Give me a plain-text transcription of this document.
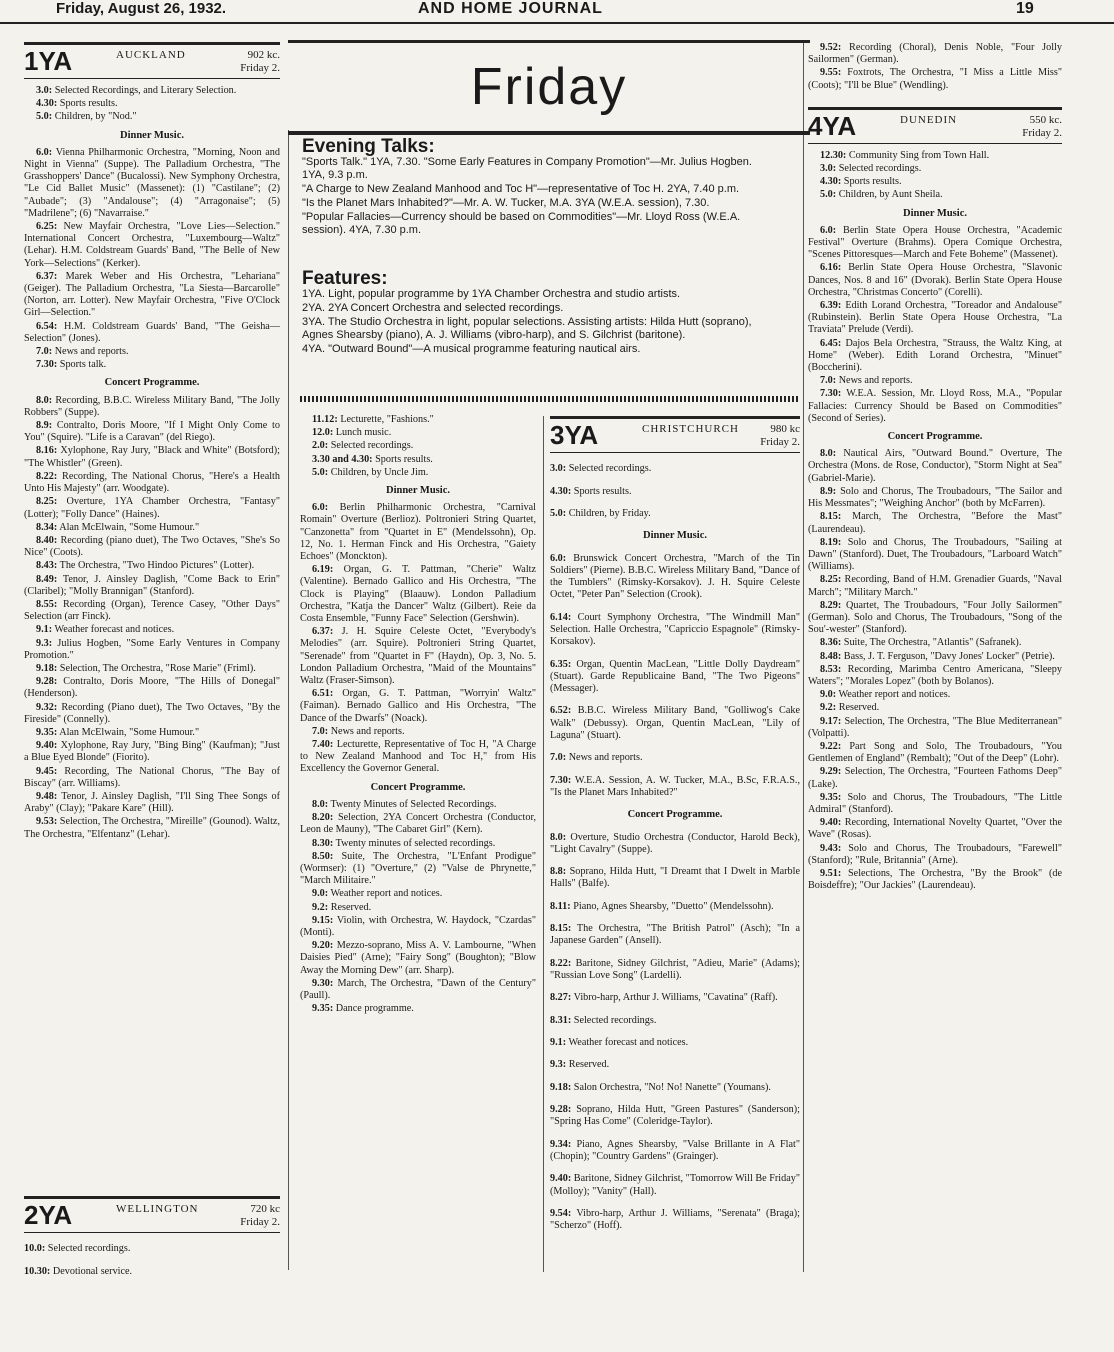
Friday, August 26, 1932.	AND HOME JOURNAL	19
1YA	AUCKLAND	902 kc.
Friday 2.

3.0: Selected Recordings, and Literary Selection.

4.30: Sports results.

5.0: Children, by "Nod."

Dinner Music.

6.0: Vienna Philharmonic Orchestra, "Morning, Noon and Night in Vienna" (Suppe). The Palladium Orchestra, "The Grasshoppers' Dance" (Bucalossi). New Symphony Orchestra, "Le Cid Ballet Music" (Massenet): (1) "Castilane"; (2) "Aubade"; (3) "Andalouse"; (4) "Arragonaise"; (5) "Madrilene"; (6) "Navarraise."

6.25: New Mayfair Orchestra, "Love Lies—Selection." International Concert Orchestra, "Luxembourg—Waltz" (Lehar). H.M. Coldstream Guards' Band, "The Belle of New York—Selections" (Kerker).

6.37: Marek Weber and His Orchestra, "Lehariana" (Geiger). The Palladium Orchestra, "La Siesta—Barcarolle" (Norton, arr. Lotter). New Mayfair Orchestra, "Five O'Clock Girl—Selection."

6.54: H.M. Coldstream Guards' Band, "The Geisha—Selection" (Jones).

7.0: News and reports.

7.30: Sports talk.

Concert Programme.

8.0: Recording, B.B.C. Wireless Military Band, "The Jolly Robbers" (Suppe).

8.9: Contralto, Doris Moore, "If I Might Only Come to You" (Squire). "Life is a Caravan" (del Riego).

8.16: Xylophone, Ray Jury, "Black and White" (Botsford); "The Whistler" (Green).

8.22: Recording, The National Chorus, "Here's a Health Unto His Majesty" (arr. Woodgate).

8.25: Overture, 1YA Chamber Orchestra, "Fantasy" (Lotter); "Folly Dance" (Haines).

8.34: Alan McElwain, "Some Humour."

8.40: Recording (piano duet), The Two Octaves, "She's So Nice" (Coots).

8.43: The Orchestra, "Two Hindoo Pictures" (Lotter).

8.49: Tenor, J. Ainsley Daglish, "Come Back to Erin" (Claribel); "Molly Brannigan" (Stanford).

8.55: Recording (Organ), Terence Casey, "Other Days" Selection (arr Finck).

9.1: Weather forecast and notices.

9.3: Julius Hogben, "Some Early Ventures in Company Promotion."

9.18: Selection, The Orchestra, "Rose Marie" (Friml).

9.28: Contralto, Doris Moore, "The Hills of Donegal" (Henderson).

9.32: Recording (Piano duet), The Two Octaves, "By the Fireside" (Connelly).

9.35: Alan McElwain, "Some Humour."

9.40: Xylophone, Ray Jury, "Bing Bing" (Kaufman); "Just a Blue Eyed Blonde" (Fiorito).

9.45: Recording, The National Chorus, "The Bay of Biscay" (arr. Williams).

9.48: Tenor, J. Ainsley Daglish, "I'll Sing Thee Songs of Araby" (Clay); "Pakare Kare" (Hill).

9.53: Selection, The Orchestra, "Mireille" (Gounod). Waltz, The Orchestra, "Elfentanz" (Lehar).

2YA	WELLINGTON	720 kc
Friday 2.

10.0: Selected recordings.

10.30: Devotional service.

Friday
Evening Talks:

"Sports Talk." 1YA, 7.30. "Some Early Features in Company Promotion"—Mr. Julius Hogben. 1YA, 9.3 p.m.

"A Charge to New Zealand Manhood and Toc H"—representative of Toc H. 2YA, 7.40 p.m.

"Is the Planet Mars Inhabited?"—Mr. A. W. Tucker, M.A. 3YA (W.E.A. session), 7.30.

"Popular Fallacies—Currency should be based on Commodities"—Mr. Lloyd Ross (W.E.A. session). 4YA, 7.30 p.m.

Features:

1YA. Light, popular programme by 1YA Chamber Orchestra and studio artists.

2YA. 2YA Concert Orchestra and selected recordings.

3YA. The Studio Orchestra in light, popular selections. Assisting artists: Hilda Hutt (soprano), Agnes Shearsby (piano), A. J. Williams (vibro-harp), and S. Gilchrist (baritone).

4YA. "Outward Bound"—A musical programme featuring nautical airs.

11.12: Lecturette, "Fashions."

12.0: Lunch music.

2.0: Selected recordings.

3.30 and 4.30: Sports results.

5.0: Children, by Uncle Jim.

Dinner Music.

6.0: Berlin Philharmonic Orchestra, "Carnival Romain" Overture (Berlioz). Poltronieri String Quartet, "Canzonetta" from "Quartet in E" (Mendelssohn), Op. 12, No. 1. Herman Finck and His Orchestra, "Gaiety Echoes" (Monckton).

6.19: Organ, G. T. Pattman, "Cherie" Waltz (Valentine). Bernado Gallico and His Orchestra, "The Clock is Playing" (Blaauw). London Palladium Orchestra, "Katja the Dancer" Waltz (Gilbert). Reie da Costa Ensemble, "Funny Face" Selection (Gershwin).

6.37: J. H. Squire Celeste Octet, "Everybody's Melodies" (arr. Squire). Poltronieri String Quartet, "Serenade" from "Quartet in F" (Haydn), Op. 3, No. 5. London Palladium Orchestra, "Maid of the Mountains" Waltz (Fraser-Simson).

6.51: Organ, G. T. Pattman, "Worryin' Waltz" (Faiman). Bernado Gallico and His Orchestra, "The Dance of the Dwarfs" (Noack).

7.0: News and reports.

7.40: Lecturette, Representative of Toc H, "A Charge to New Zealand Manhood and Toc H," from His Excellency the Governor General.

Concert Programme.

8.0: Twenty Minutes of Selected Recordings.

8.20: Selection, 2YA Concert Orchestra (Conductor, Leon de Mauny), "The Cabaret Girl" (Kern).

8.30: Twenty minutes of selected recordings.

8.50: Suite, The Orchestra, "L'Enfant Prodigue" (Wormser): (1) "Overture," (2) "Valse de Phrynette," "March Militaire."

9.0: Weather report and notices.

9.2: Reserved.

9.15: Violin, with Orchestra, W. Haydock, "Czardas" (Monti).

9.20: Mezzo-soprano, Miss A. V. Lambourne, "When Daisies Pied" (Arne); "Fairy Song" (Boughton); "Blow Away the Morning Dew" (arr. Sharp).

9.30: March, The Orchestra, "Dawn of the Century" (Paull).

9.35: Dance programme.

3YA	CHRISTCHURCH	980 kc
Friday 2.

3.0: Selected recordings.

4.30: Sports results.

5.0: Children, by Friday.

Dinner Music.

6.0: Brunswick Concert Orchestra, "March of the Tin Soldiers" (Pierne). B.B.C. Wireless Military Band, "Dance of the Tumblers" (Rimsky-Korsakov). J. H. Squire Celeste Octet, "Peter Pan" Selection (Crook).

6.14: Court Symphony Orchestra, "The Windmill Man" Selection. Halle Orchestra, "Capriccio Espagnole" (Rimsky-Korsakov).

6.35: Organ, Quentin MacLean, "Little Dolly Daydream" (Stuart). Garde Republicaine Band, "The Two Pigeons" (Messager).

6.52: B.B.C. Wireless Military Band, "Golliwog's Cake Walk" (Debussy). Organ, Quentin MacLean, "Lily of Laguna" (Stuart).

7.0: News and reports.

7.30: W.E.A. Session, A. W. Tucker, M.A., B.Sc, F.R.A.S., "Is the Planet Mars Inhabited?"

Concert Programme.

8.0: Overture, Studio Orchestra (Conductor, Harold Beck), "Light Cavalry" (Suppe).

8.8: Soprano, Hilda Hutt, "I Dreamt that I Dwelt in Marble Halls" (Balfe).

8.11: Piano, Agnes Shearsby, "Duetto" (Mendelssohn).

8.15: The Orchestra, "The British Patrol" (Asch); "In a Japanese Garden" (Ansell).

8.22: Baritone, Sidney Gilchrist, "Adieu, Marie" (Adams); "Russian Love Song" (Lardelli).

8.27: Vibro-harp, Arthur J. Williams, "Cavatina" (Raff).

8.31: Selected recordings.

9.1: Weather forecast and notices.

9.3: Reserved.

9.18: Salon Orchestra, "No! No! Nanette" (Youmans).

9.28: Soprano, Hilda Hutt, "Green Pastures" (Sanderson); "Spring Has Come" (Coleridge-Taylor).

9.34: Piano, Agnes Shearsby, "Valse Brillante in A Flat" (Chopin); "Country Gardens" (Grainger).

9.40: Baritone, Sidney Gilchrist, "Tomorrow Will Be Friday" (Molloy); "Vanity" (Hall).

9.54: Vibro-harp, Arthur J. Williams, "Serenata" (Braga); "Scherzo" (Hoff).

9.52: Recording (Choral), Denis Noble, "Four Jolly Sailormen" (German).

9.55: Foxtrots, The Orchestra, "I Miss a Little Miss" (Coots); "I'll be Blue" (Wendling).

4YA	DUNEDIN	550 kc.
Friday 2.

12.30: Community Sing from Town Hall.

3.0: Selected recordings.

4.30: Sports results.

5.0: Children, by Aunt Sheila.

Dinner Music.

6.0: Berlin State Opera House Orchestra, "Academic Festival" Overture (Brahms). Opera Comique Orchestra, "Scenes Pittoresques—March and Fete Boheme" (Massenet).

6.16: Berlin State Opera House Orchestra, "Slavonic Dances, Nos. 8 and 16" (Dvorak). Berlin State Opera House Orchestra, "Christmas Concerto" (Corelli).

6.39: Edith Lorand Orchestra, "Toreador and Andalouse" (Rubinstein). Berlin State Opera House Orchestra, "La Traviata" Prelude (Verdi).

6.45: Dajos Bela Orchestra, "Strauss, the Waltz King, at Home" (Weber). Edith Lorand Orchestra, "Minuet" (Boccherini).

7.0: News and reports.

7.30: W.E.A. Session, Mr. Lloyd Ross, M.A., "Popular Fallacies: Currency Should be Based on Commodities" (Second of Series).

Concert Programme.

8.0: Nautical Airs, "Outward Bound." Overture, The Orchestra (Mons. de Rose, Conductor), "Storm Night at Sea" (Gabriel-Marie).

8.9: Solo and Chorus, The Troubadours, "The Sailor and His Messmates"; "Weighing Anchor" (both by McFarren).

8.15: March, The Orchestra, "Before the Mast" (Laurendeau).

8.19: Solo and Chorus, The Troubadours, "Sailing at Dawn" (Stanford). Duet, The Troubadours, "Larboard Watch" (Williams).

8.25: Recording, Band of H.M. Grenadier Guards, "Naval March"; "Military March."

8.29: Quartet, The Troubadours, "Four Jolly Sailormen" (German). Solo and Chorus, The Troubadours, "Song of the Sou'-wester" (Stanford).

8.36: Suite, The Orchestra, "Atlantis" (Safranek).

8.48: Bass, J. T. Ferguson, "Davy Jones' Locker" (Petrie).

8.53: Recording, Marimba Centro Americana, "Sleepy Waters"; "Morales Lopez" (both by Bolanos).

9.0: Weather report and notices.

9.2: Reserved.

9.17: Selection, The Orchestra, "The Blue Mediterranean" (Volpatti).

9.22: Part Song and Solo, The Troubadours, "You Gentlemen of England" (Rembalt); "Out of the Deep" (Lohr).

9.29: Selection, The Orchestra, "Fourteen Fathoms Deep" (Lake).

9.35: Solo and Chorus, The Troubadours, "The Little Admiral" (Stanford).

9.40: Recording, International Novelty Quartet, "Over the Wave" (Rosas).

9.43: Solo and Chorus, The Troubadours, "Farewell" (Stanford); "Rule, Britannia" (Arne).

9.51: Selections, The Orchestra, "By the Brook" (de Boisdeffre); "Our Jackies" (Laurendeau).
